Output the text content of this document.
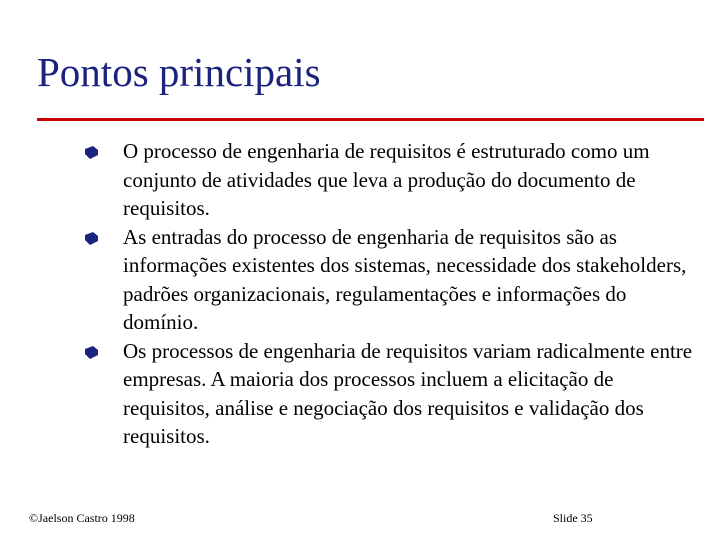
Pontos principais
O processo de engenharia de requisitos é estruturado como um conjunto de atividades que leva a produção do documento de requisitos.
As entradas do processo de engenharia de requisitos são as informações existentes dos sistemas, necessidade dos stakeholders, padrões organizacionais, regulamentações e informações do domínio.
Os processos de engenharia de requisitos variam radicalmente entre empresas. A maioria dos processos incluem a elicitação de requisitos, análise e negociação dos requisitos e validação dos requisitos.
©Jaelson Castro 1998	Slide 35
